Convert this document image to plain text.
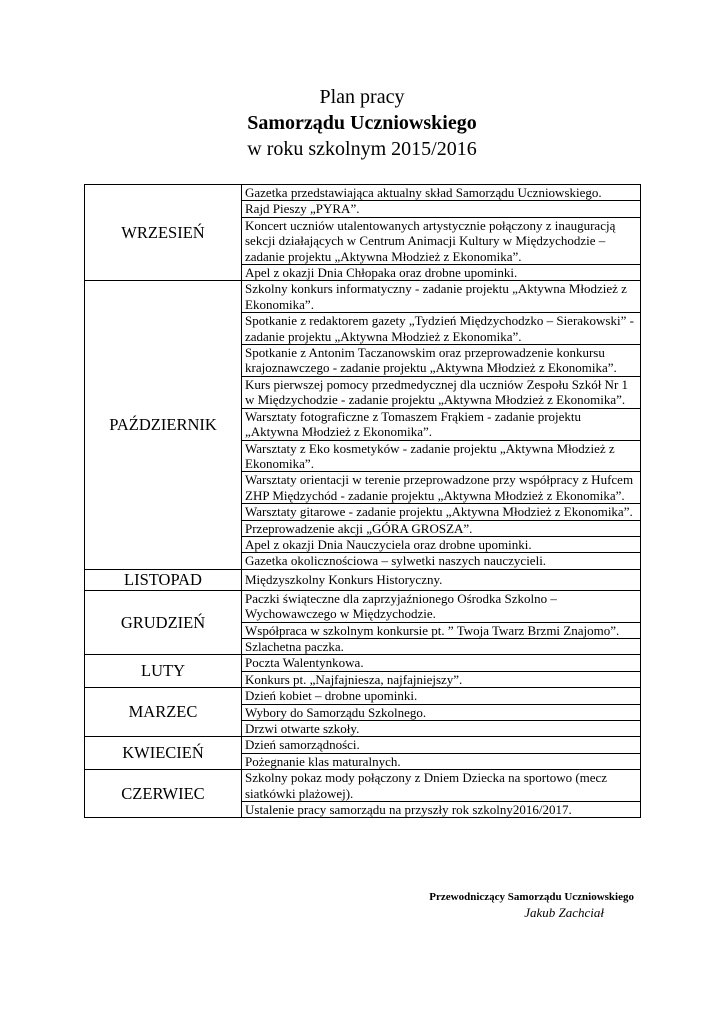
Plan pracy
Samorządu Uczniowskiego
w roku szkolnym 2015/2016
WRZESIEŃ	Gazetka przedstawiająca aktualny skład Samorządu Uczniowskiego.
	Rajd Pieszy „PYRA”.
	Koncert uczniów utalentowanych artystycznie połączony z inauguracją sekcji działających w Centrum Animacji Kultury w Międzychodzie – zadanie projektu „Aktywna Młodzież z Ekonomika”.
	Apel z okazji Dnia Chłopaka oraz drobne upominki.
PAŹDZIERNIK	Szkolny konkurs informatyczny - zadanie projektu „Aktywna Młodzież z Ekonomika”.
	Spotkanie z redaktorem gazety „Tydzień Międzychodzko – Sierakowski” - zadanie projektu „Aktywna Młodzież z Ekonomika”.
	Spotkanie z Antonim Taczanowskim oraz przeprowadzenie konkursu krajoznawczego - zadanie projektu „Aktywna Młodzież z Ekonomika”.
	Kurs pierwszej pomocy przedmedycznej dla uczniów Zespołu Szkół Nr 1 w Międzychodzie - zadanie projektu „Aktywna Młodzież z Ekonomika”.
	Warsztaty fotograficzne z Tomaszem Frąkiem - zadanie projektu „Aktywna Młodzież z Ekonomika”.
	Warsztaty z Eko kosmetyków - zadanie projektu „Aktywna Młodzież z Ekonomika”.
	Warsztaty orientacji w terenie przeprowadzone przy współpracy z Hufcem ZHP Międzychód - zadanie projektu „Aktywna Młodzież z Ekonomika”.
	Warsztaty gitarowe - zadanie projektu „Aktywna Młodzież z Ekonomika”.
	Przeprowadzenie akcji „GÓRA GROSZA”.
	Apel z okazji Dnia Nauczyciela oraz drobne upominki.
	Gazetka okolicznościowa – sylwetki naszych nauczycieli.
LISTOPAD	Międzyszkolny Konkurs Historyczny.
GRUDZIEŃ	Paczki świąteczne dla zaprzyjaźnionego Ośrodka Szkolno – Wychowawczego w Międzychodzie.
	Współpraca w szkolnym konkursie pt. ” Twoja Twarz Brzmi Znajomo”.
	Szlachetna paczka.
LUTY	Poczta Walentynkowa.
	Konkurs pt. „Najfajniesza, najfajniejszy”.
MARZEC	Dzień kobiet – drobne upominki.
	Wybory do Samorządu Szkolnego.
	Drzwi otwarte szkoły.
KWIECIEŃ	Dzień samorządności.
	Pożegnanie klas maturalnych.
CZERWIEC	Szkolny pokaz mody połączony z Dniem Dziecka na sportowo (mecz siatkówki plażowej).
	Ustalenie pracy samorządu na przyszły rok szkolny2016/2017.
Przewodniczący Samorządu Uczniowskiego
Jakub Zachciał
